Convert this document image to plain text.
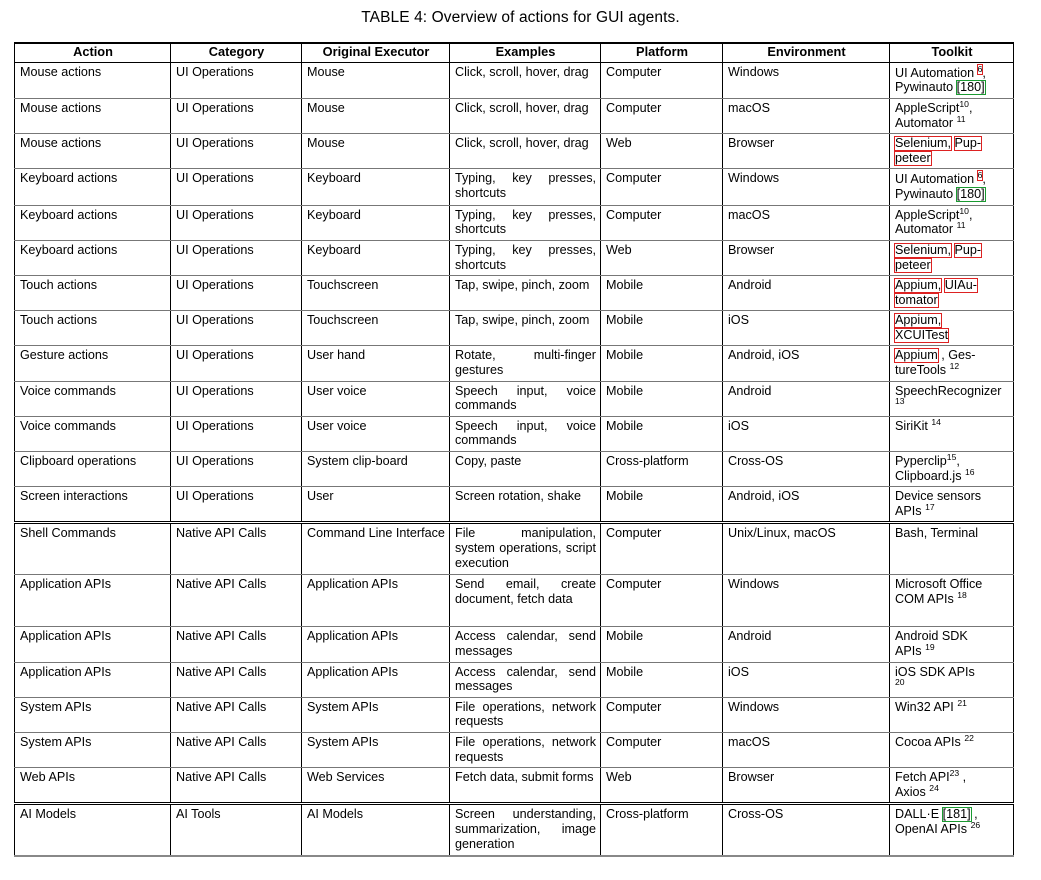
TABLE 4: Overview of actions for GUI agents.
Action	Category	Original Executor	Examples	Platform	Environment	Toolkit
Mouse actions	UI Operations	Mouse	Click, scroll, hover, drag	Computer	Windows	UI Automation 6, Pywinauto [180]
Mouse actions	UI Operations	Mouse	Click, scroll, hover, drag	Computer	macOS	AppleScript$^{10}$, Automator $^{11}$
Mouse actions	UI Operations	Mouse	Click, scroll, hover, drag	Web	Browser	Selenium, Pup-
peteer
Keyboard actions	UI Operations	Keyboard	Typing, key presses, shortcuts	Computer	Windows	UI Automation 6, Pywinauto [180]
Keyboard actions	UI Operations	Keyboard	Typing, key presses, shortcuts	Computer	macOS	AppleScript$^{10}$, Automator $^{11}$
Keyboard actions	UI Operations	Keyboard	Typing, key presses, shortcuts	Web	Browser	Selenium, Pup-
peteer
Touch actions	UI Operations	Touchscreen	Tap, swipe, pinch, zoom	Mobile	Android	Appium, UIAu-
tomator
Touch actions	UI Operations	Touchscreen	Tap, swipe, pinch, zoom	Mobile	iOS	Appium,
XCUITest
Gesture actions	UI Operations	User hand	Rotate, multi-finger gestures	Mobile	Android, iOS	Appium , Ges-
tureTools $^{12}$
Voice commands	UI Operations	User voice	Speech input, voice commands	Mobile	Android	SpeechRecognizer
$^{13}$
Voice commands	UI Operations	User voice	Speech input, voice commands	Mobile	iOS	SiriKit $^{14}$
Clipboard operations	UI Operations	System clip-board	Copy, paste	Cross-platform	Cross-OS	Pyperclip$^{15}$,
Clipboard.js $^{16}$
Screen interactions	UI Operations	User	Screen rotation, shake	Mobile	Android, iOS	Device sensors
APIs $^{17}$
Shell Commands	Native API Calls	Command Line Interface	File manipulation, system operations, script execution	Computer	Unix/Linux, macOS	Bash, Terminal
Application APIs	Native API Calls	Application APIs	Send email, create document, fetch data	Computer	Windows	Microsoft Office
COM APIs $^{18}$
Application APIs	Native API Calls	Application APIs	Access calendar, send messages	Mobile	Android	Android SDK
APIs $^{19}$
Application APIs	Native API Calls	Application APIs	Access calendar, send messages	Mobile	iOS	iOS SDK APIs
$^{20}$
System APIs	Native API Calls	System APIs	File operations, network requests	Computer	Windows	Win32 API $^{21}$
System APIs	Native API Calls	System APIs	File operations, network requests	Computer	macOS	Cocoa APIs $^{22}$
Web APIs	Native API Calls	Web Services	Fetch data, submit forms	Web	Browser	Fetch API$^{23}$ ,
Axios $^{24}$
AI Models	AI Tools	AI Models	Screen understanding, summarization, image generation	Cross-platform	Cross-OS	DALL·E [181] ,
OpenAI APIs $^{26}$
